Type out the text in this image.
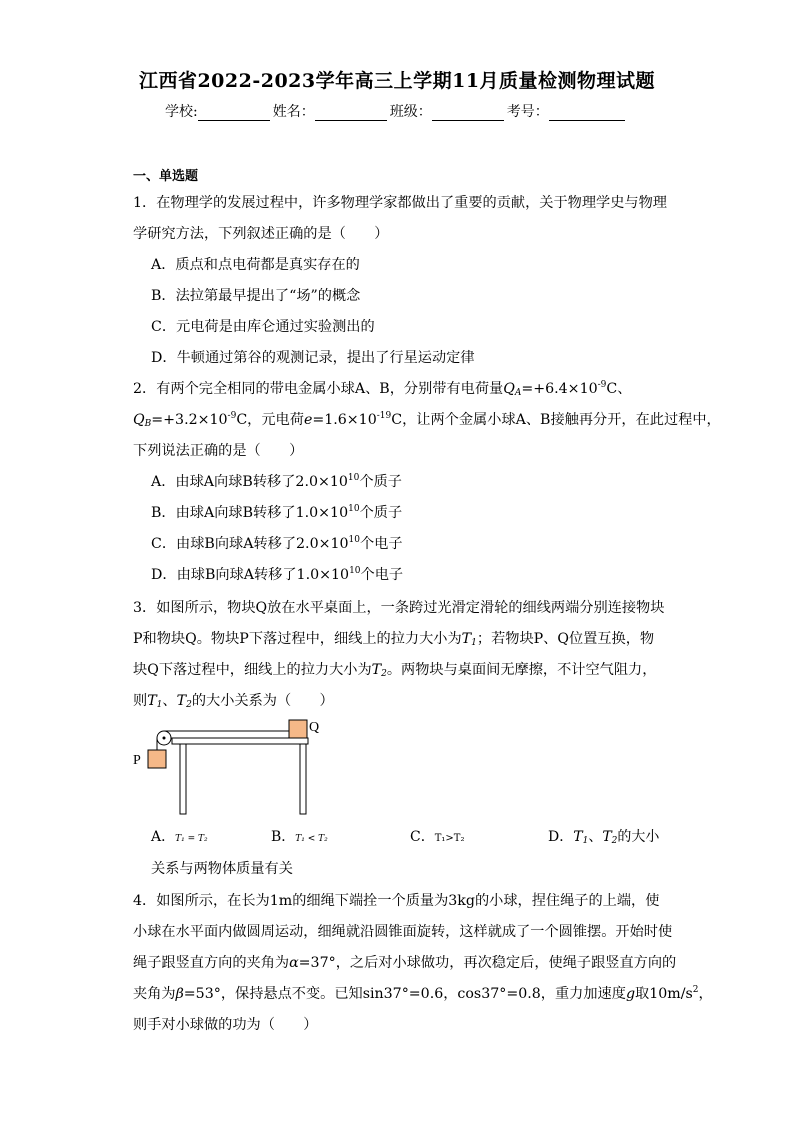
江西省2022-2023学年高三上学期11月质量检测物理试题
学校:	姓名：	班级：	考号：
一、单选题
1．在物理学的发展过程中，许多物理学家都做出了重要的贡献，关于物理学史与物理
学研究方法，下列叙述正确的是（　　）
A．质点和点电荷都是真实存在的
B．法拉第最早提出了“场”的概念
C．元电荷是由库仑通过实验测出的
D．牛顿通过第谷的观测记录，提出了行星运动定律
2．有两个完全相同的带电金属小球A、B，分别带有电荷量$Q_A=+6.4\times 10^{-9}C$、
$Q_B=+3.2\times 10^{-9}C$，元电荷$e=1.6\times 10^{-19}C$，让两个金属小球A、B接触再分开，在此过程中，
下列说法正确的是（　　）
A．由球A向球B转移了$2.0\times 10^{10}$个质子
B．由球A向球B转移了$1.0\times 10^{10}$个质子
C．由球B向球A转移了$2.0\times 10^{10}$个电子
D．由球B向球A转移了$1.0\times 10^{10}$个电子
3．如图所示，物块Q放在水平桌面上，一条跨过光滑定滑轮的细线两端分别连接物块
P和物块Q。物块P下落过程中，细线上的拉力大小为$T_1$；若物块P、Q位置互换，物
块Q下落过程中，细线上的拉力大小为$T_2$。两物块与桌面间无摩擦，不计空气阻力，
则$T_1$、$T_2$的大小关系为（　　）
P
Q
A．T₁ = T₂	B．T₁ < T₂	C．T₁>T₂	D．$T_1$、$T_2$的大小
关系与两物体质量有关
4．如图所示，在长为1m的细绳下端拴一个质量为3kg的小球，捏住绳子的上端，使
小球在水平面内做圆周运动，细绳就沿圆锥面旋转，这样就成了一个圆锥摆。开始时使
绳子跟竖直方向的夹角为α=37°，之后对小球做功，再次稳定后，使绳子跟竖直方向的
夹角为β=53°，保持悬点不变。已知sin37°=0.6，cos37°=0.8，重力加速度g取$10m/s^2$，
则手对小球做的功为（　　）
